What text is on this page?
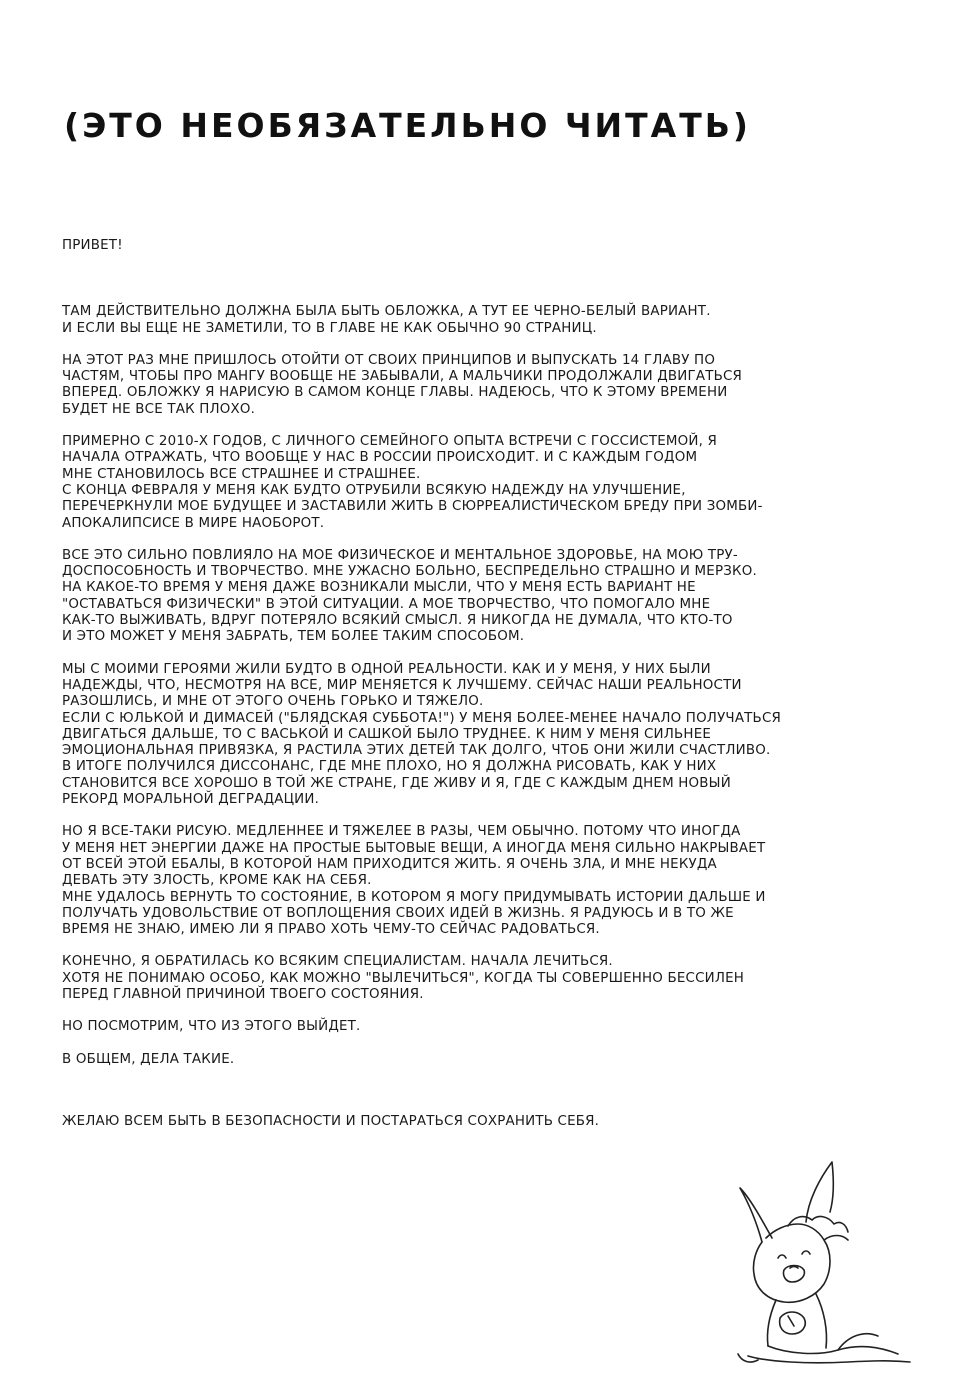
(ЭТО НЕОБЯЗАТЕЛЬНО ЧИТАТЬ)

ПРИВЕТ!

ТАМ ДЕЙСТВИТЕЛЬНО ДОЛЖНА БЫЛА БЫТЬ ОБЛОЖКА, А ТУТ ЕЕ ЧЕРНО-БЕЛЫЙ ВАРИАНТ.
И ЕСЛИ ВЫ ЕЩЕ НЕ ЗАМЕТИЛИ, ТО В ГЛАВЕ НЕ КАК ОБЫЧНО 90 СТРАНИЦ.

НА ЭТОТ РАЗ МНЕ ПРИШЛОСЬ ОТОЙТИ ОТ СВОИХ ПРИНЦИПОВ И ВЫПУСКАТЬ 14 ГЛАВУ ПО
ЧАСТЯМ, ЧТОБЫ ПРО МАНГУ ВООБЩЕ НЕ ЗАБЫВАЛИ, А МАЛЬЧИКИ ПРОДОЛЖАЛИ ДВИГАТЬСЯ
ВПЕРЕД. ОБЛОЖКУ Я НАРИСУЮ В САМОМ КОНЦЕ ГЛАВЫ. НАДЕЮСЬ, ЧТО К ЭТОМУ ВРЕМЕНИ
БУДЕТ НЕ ВСЕ ТАК ПЛОХО.

ПРИМЕРНО С 2010-Х ГОДОВ, С ЛИЧНОГО СЕМЕЙНОГО ОПЫТА ВСТРЕЧИ С ГОССИСТЕМОЙ, Я
НАЧАЛА ОТРАЖАТЬ, ЧТО ВООБЩЕ У НАС В РОССИИ ПРОИСХОДИТ. И С КАЖДЫМ ГОДОМ
МНЕ СТАНОВИЛОСЬ ВСЕ СТРАШНЕЕ И СТРАШНЕЕ.
С КОНЦА ФЕВРАЛЯ У МЕНЯ КАК БУДТО ОТРУБИЛИ ВСЯКУЮ НАДЕЖДУ НА УЛУЧШЕНИЕ,
ПЕРЕЧЕРКНУЛИ МОЕ БУДУЩЕЕ И ЗАСТАВИЛИ ЖИТЬ В СЮРРЕАЛИСТИЧЕСКОМ БРЕДУ ПРИ ЗОМБИ-
АПОКАЛИПСИСЕ В МИРЕ НАОБОРОТ.

ВСЕ ЭТО СИЛЬНО ПОВЛИЯЛО НА МОЕ ФИЗИЧЕСКОЕ И МЕНТАЛЬНОЕ ЗДОРОВЬЕ, НА МОЮ ТРУ-
ДОСПОСОБНОСТЬ И ТВОРЧЕСТВО. МНЕ УЖАСНО БОЛЬНО, БЕСПРЕДЕЛЬНО СТРАШНО И МЕРЗКО.
НА КАКОЕ-ТО ВРЕМЯ У МЕНЯ ДАЖЕ ВОЗНИКАЛИ МЫСЛИ, ЧТО У МЕНЯ ЕСТЬ ВАРИАНТ НЕ
"ОСТАВАТЬСЯ ФИЗИЧЕСКИ" В ЭТОЙ СИТУАЦИИ. А МОЕ ТВОРЧЕСТВО, ЧТО ПОМОГАЛО МНЕ
КАК-ТО ВЫЖИВАТЬ, ВДРУГ ПОТЕРЯЛО ВСЯКИЙ СМЫСЛ. Я НИКОГДА НЕ ДУМАЛА, ЧТО КТО-ТО
И ЭТО МОЖЕТ У МЕНЯ ЗАБРАТЬ, ТЕМ БОЛЕЕ ТАКИМ СПОСОБОМ.

МЫ С МОИМИ ГЕРОЯМИ ЖИЛИ БУДТО В ОДНОЙ РЕАЛЬНОСТИ. КАК И У МЕНЯ, У НИХ БЫЛИ
НАДЕЖДЫ, ЧТО, НЕСМОТРЯ НА ВСЕ, МИР МЕНЯЕТСЯ К ЛУЧШЕМУ. СЕЙЧАС НАШИ РЕАЛЬНОСТИ
РАЗОШЛИСЬ, И МНЕ ОТ ЭТОГО ОЧЕНЬ ГОРЬКО И ТЯЖЕЛО.
ЕСЛИ С ЮЛЬКОЙ И ДИМАСЕЙ ("БЛЯДСКАЯ СУББОТА!") У МЕНЯ БОЛЕЕ-МЕНЕЕ НАЧАЛО ПОЛУЧАТЬСЯ
ДВИГАТЬСЯ ДАЛЬШЕ, ТО С ВАСЬКОЙ И САШКОЙ БЫЛО ТРУДНЕЕ. К НИМ У МЕНЯ СИЛЬНЕЕ
ЭМОЦИОНАЛЬНАЯ ПРИВЯЗКА, Я РАСТИЛА ЭТИХ ДЕТЕЙ ТАК ДОЛГО, ЧТОБ ОНИ ЖИЛИ СЧАСТЛИВО.
В ИТОГЕ ПОЛУЧИЛСЯ ДИССОНАНС, ГДЕ МНЕ ПЛОХО, НО Я ДОЛЖНА РИСОВАТЬ, КАК У НИХ
СТАНОВИТСЯ ВСЕ ХОРОШО В ТОЙ ЖЕ СТРАНЕ, ГДЕ ЖИВУ И Я, ГДЕ С КАЖДЫМ ДНЕМ НОВЫЙ
РЕКОРД МОРАЛЬНОЙ ДЕГРАДАЦИИ.

НО Я ВСЕ-ТАКИ РИСУЮ. МЕДЛЕННЕЕ И ТЯЖЕЛЕЕ В РАЗЫ, ЧЕМ ОБЫЧНО. ПОТОМУ ЧТО ИНОГДА
У МЕНЯ НЕТ ЭНЕРГИИ ДАЖЕ НА ПРОСТЫЕ БЫТОВЫЕ ВЕЩИ, А ИНОГДА МЕНЯ СИЛЬНО НАКРЫВАЕТ
ОТ ВСЕЙ ЭТОЙ ЕБАЛЫ, В КОТОРОЙ НАМ ПРИХОДИТСЯ ЖИТЬ. Я ОЧЕНЬ ЗЛА, И МНЕ НЕКУДА
ДЕВАТЬ ЭТУ ЗЛОСТЬ, КРОМЕ КАК НА СЕБЯ.
МНЕ УДАЛОСЬ ВЕРНУТЬ ТО СОСТОЯНИЕ, В КОТОРОМ Я МОГУ ПРИДУМЫВАТЬ ИСТОРИИ ДАЛЬШЕ И
ПОЛУЧАТЬ УДОВОЛЬСТВИЕ ОТ ВОПЛОЩЕНИЯ СВОИХ ИДЕЙ В ЖИЗНЬ. Я РАДУЮСЬ И В ТО ЖЕ
ВРЕМЯ НЕ ЗНАЮ, ИМЕЮ ЛИ Я ПРАВО ХОТЬ ЧЕМУ-ТО СЕЙЧАС РАДОВАТЬСЯ.

КОНЕЧНО, Я ОБРАТИЛАСЬ КО ВСЯКИМ СПЕЦИАЛИСТАМ. НАЧАЛА ЛЕЧИТЬСЯ.
ХОТЯ НЕ ПОНИМАЮ ОСОБО, КАК МОЖНО "ВЫЛЕЧИТЬСЯ", КОГДА ТЫ СОВЕРШЕННО БЕССИЛЕН
ПЕРЕД ГЛАВНОЙ ПРИЧИНОЙ ТВОЕГО СОСТОЯНИЯ.

НО ПОСМОТРИМ, ЧТО ИЗ ЭТОГО ВЫЙДЕТ.

В ОБЩЕМ, ДЕЛА ТАКИЕ.

ЖЕЛАЮ ВСЕМ БЫТЬ В БЕЗОПАСНОСТИ И ПОСТАРАТЬСЯ СОХРАНИТЬ СЕБЯ.
